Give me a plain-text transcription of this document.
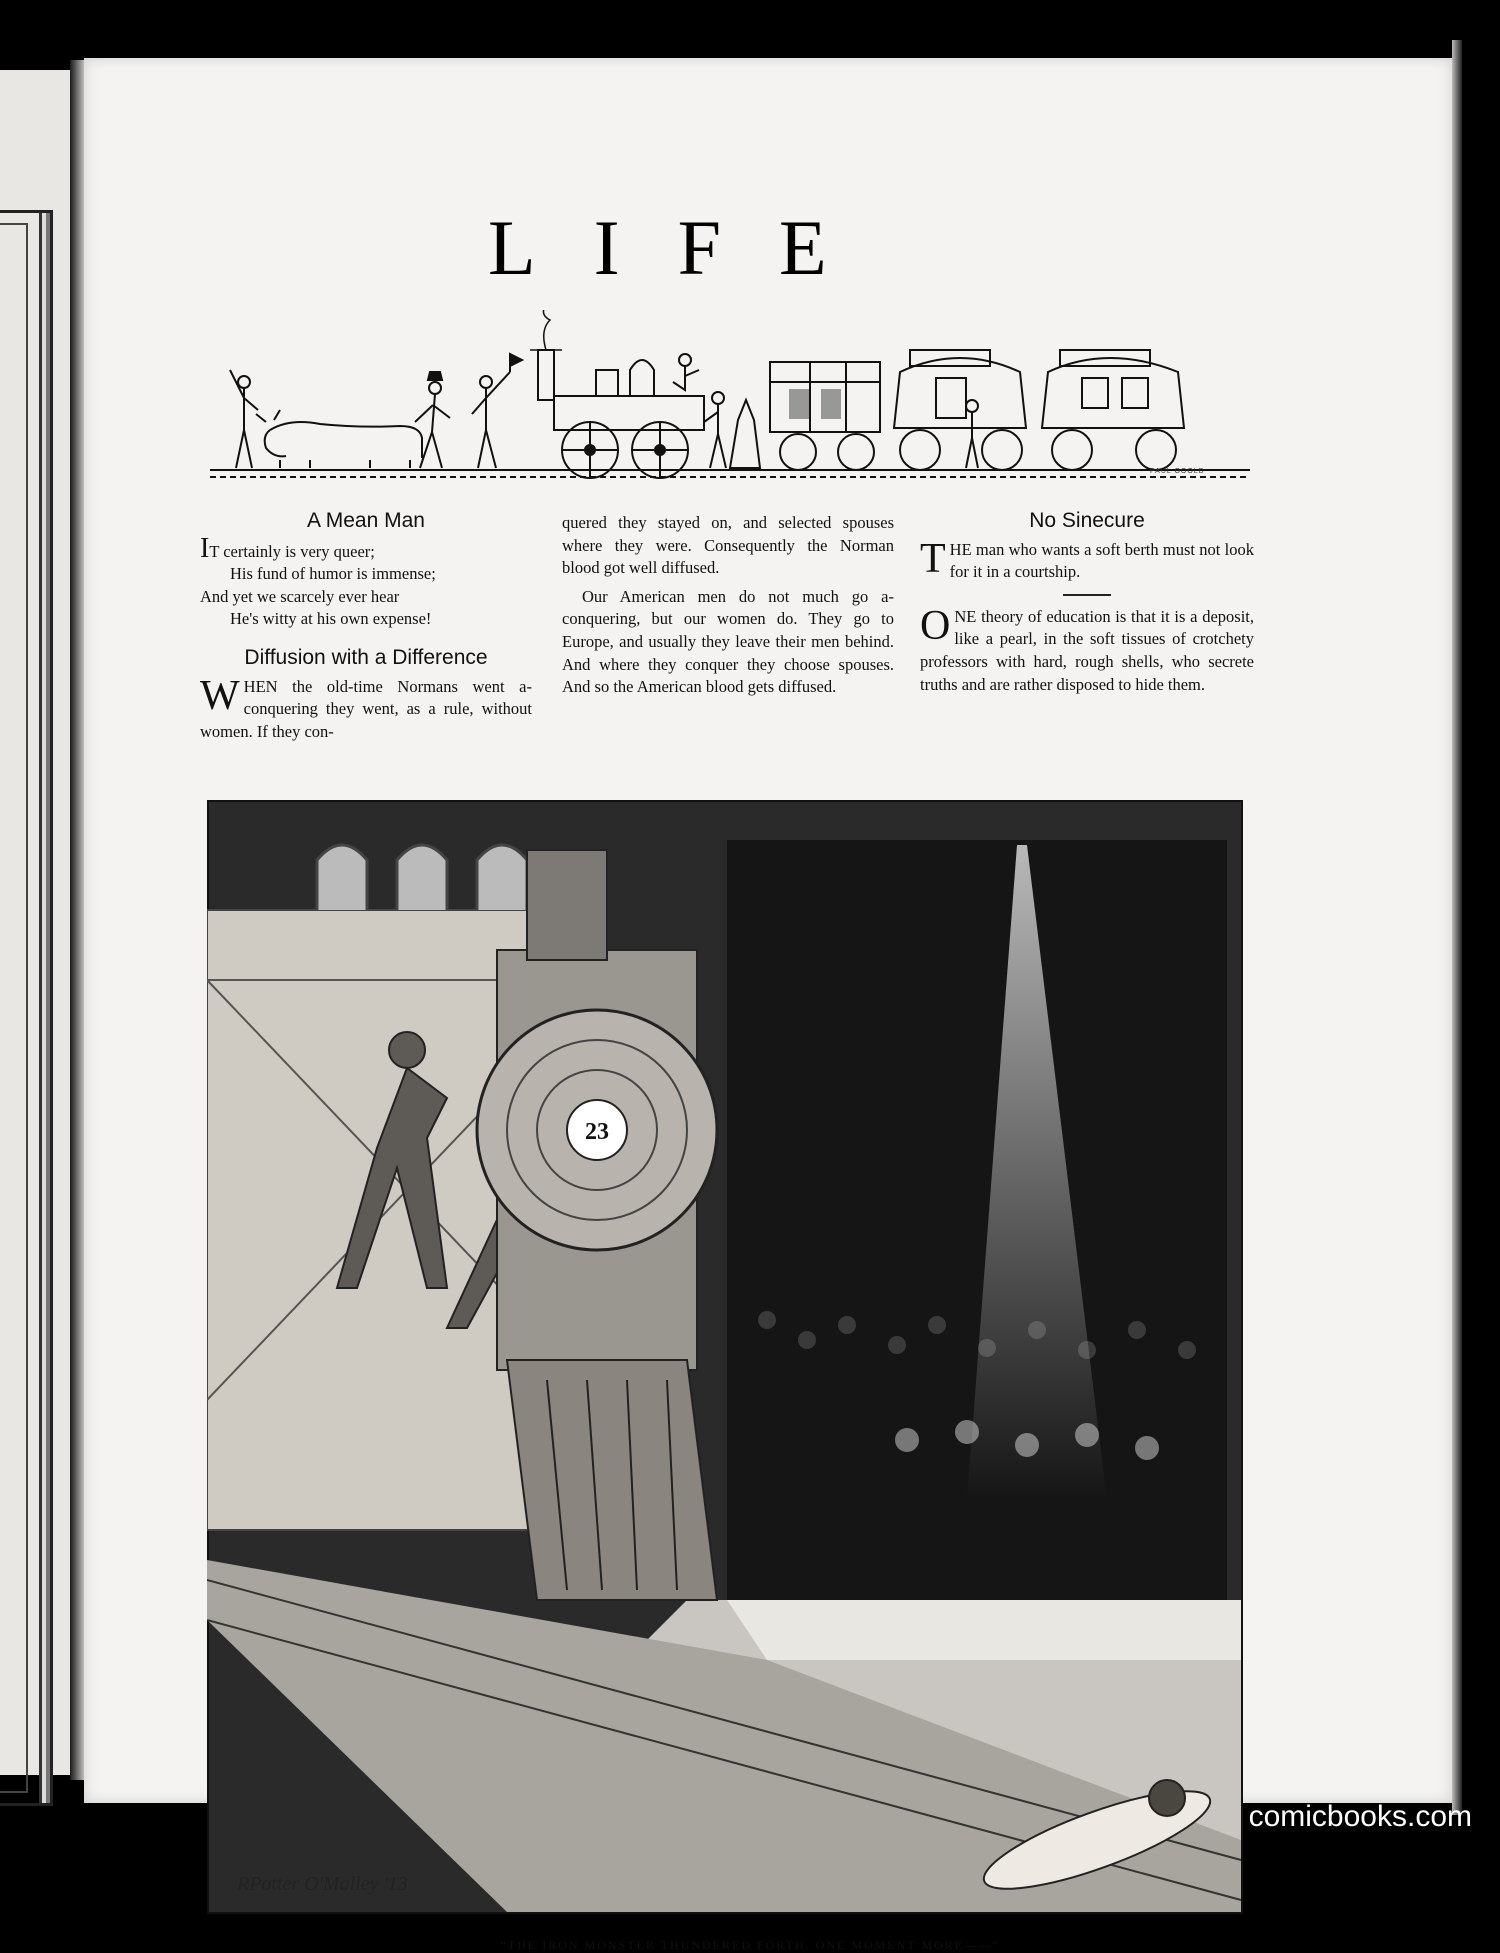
LIFE
PAUL GOOLD
A Mean Man

IT certainly is very queer;

His fund of humor is immense;

And yet we scarcely ever hear

He's witty at his own expense!

Diffusion with a Difference

WHEN the old-time Normans went a-conquering they went, as a rule, without women. If they con-

quered they stayed on, and selected spouses where they were. Consequently the Norman blood got well diffused.

Our American men do not much go a-conquering, but our women do. They go to Europe, and usually they leave their men behind. And where they conquer they choose spouses. And so the American blood gets diffused.

No Sinecure

THE man who wants a soft berth must not look for it in a courtship.

ONE theory of education is that it is a deposit, like a pearl, in the soft tissues of crotchety professors with hard, rough shells, who secrete truths and are rather disposed to hide them.

23
RPotter O'Malley '13
“THE IRON MONSTER THUNDERED FORTH. ONE MOMENT MORE——”
comicbooks.com
